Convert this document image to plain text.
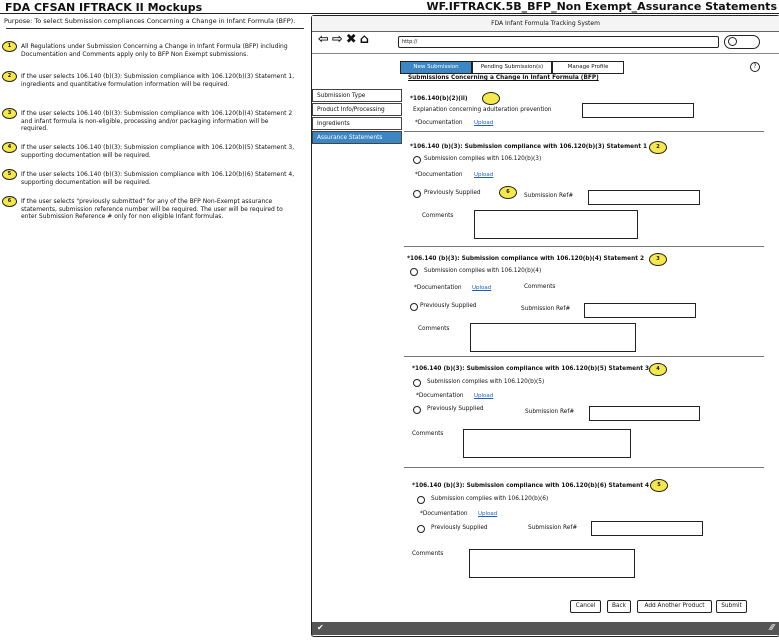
FDA CFSAN IFTRACK II Mockups	WF.IFTRACK.5B_BFP_Non Exempt_Assurance Statements
Purpose: To select Submission compliances Concerning a Change in Infant Formula (BFP).
1	All Regulations under Submission Concerning a Change in Infant Formula (BFP) including Documentation and Comments apply only to BFP Non Exempt submissions.
2	If the user selects 106.140 (b)(3): Submission compliance with 106.120(b)(3) Statement 1, ingredients and quantitative formulation information will be required.
3	If the user selects 106.140 (b)(3): Submission compliance with 106.120(b)(4) Statement 2 and infant formula is non-eligible, processing and/or packaging information will be required.
4	If the user selects 106.140 (b)(3): Submission compliance with 106.120(b)(5) Statement 3, supporting documentation will be required.
5	If the user selects 106.140 (b)(3): Submission compliance with 106.120(b)(6) Statement 4, supporting documentation will be required.
6	If the user selects "previously submitted" for any of the BFP Non-Exempt assurance statements, submission reference number will be required. The user will be required to enter Submission Reference # only for non eligible Infant formulas.
FDA Infant Formula Tracking System
⇦⇨✖⌂	http://
New Submission	Pending Submission(s)	Manage Profile	?
Submissions Concerning a Change in Infant Formula (BFP)
Submission Type
Product Info/Processing
Ingredients
Assurance Statements
*106.140(b)(2)(ii)
Explanation concerning adulteration prevention
*Documentation Upload
*106.140 (b)(3): Submission compliance with 106.120(b)(3) Statement 1	2
Submission complies with 106.120(b)(3)
*Documentation Upload
Previously Supplied	6
Submission Ref#
Comments
*106.140 (b)(3): Submission compliance with 106.120(b)(4) Statement 2	3
Submission complies with 106.120(b)(4)
*Documentation Upload	Comments
Previously Supplied	Submission Ref#
Comments
*106.140 (b)(3): Submission compliance with 106.120(b)(5) Statement 3	4
Submission complies with 106.120(b)(5)
*Documentation Upload
Previously Supplied	Submission Ref#
Comments
*106.140 (b)(3): Submission compliance with 106.120(b)(6) Statement 4	5
Submission complies with 106.120(b)(6)
*Documentation Upload
Previously Supplied	Submission Ref#
Comments
Cancel	Back	Add Another Product	Submit
✔	⁄⁄⁄
